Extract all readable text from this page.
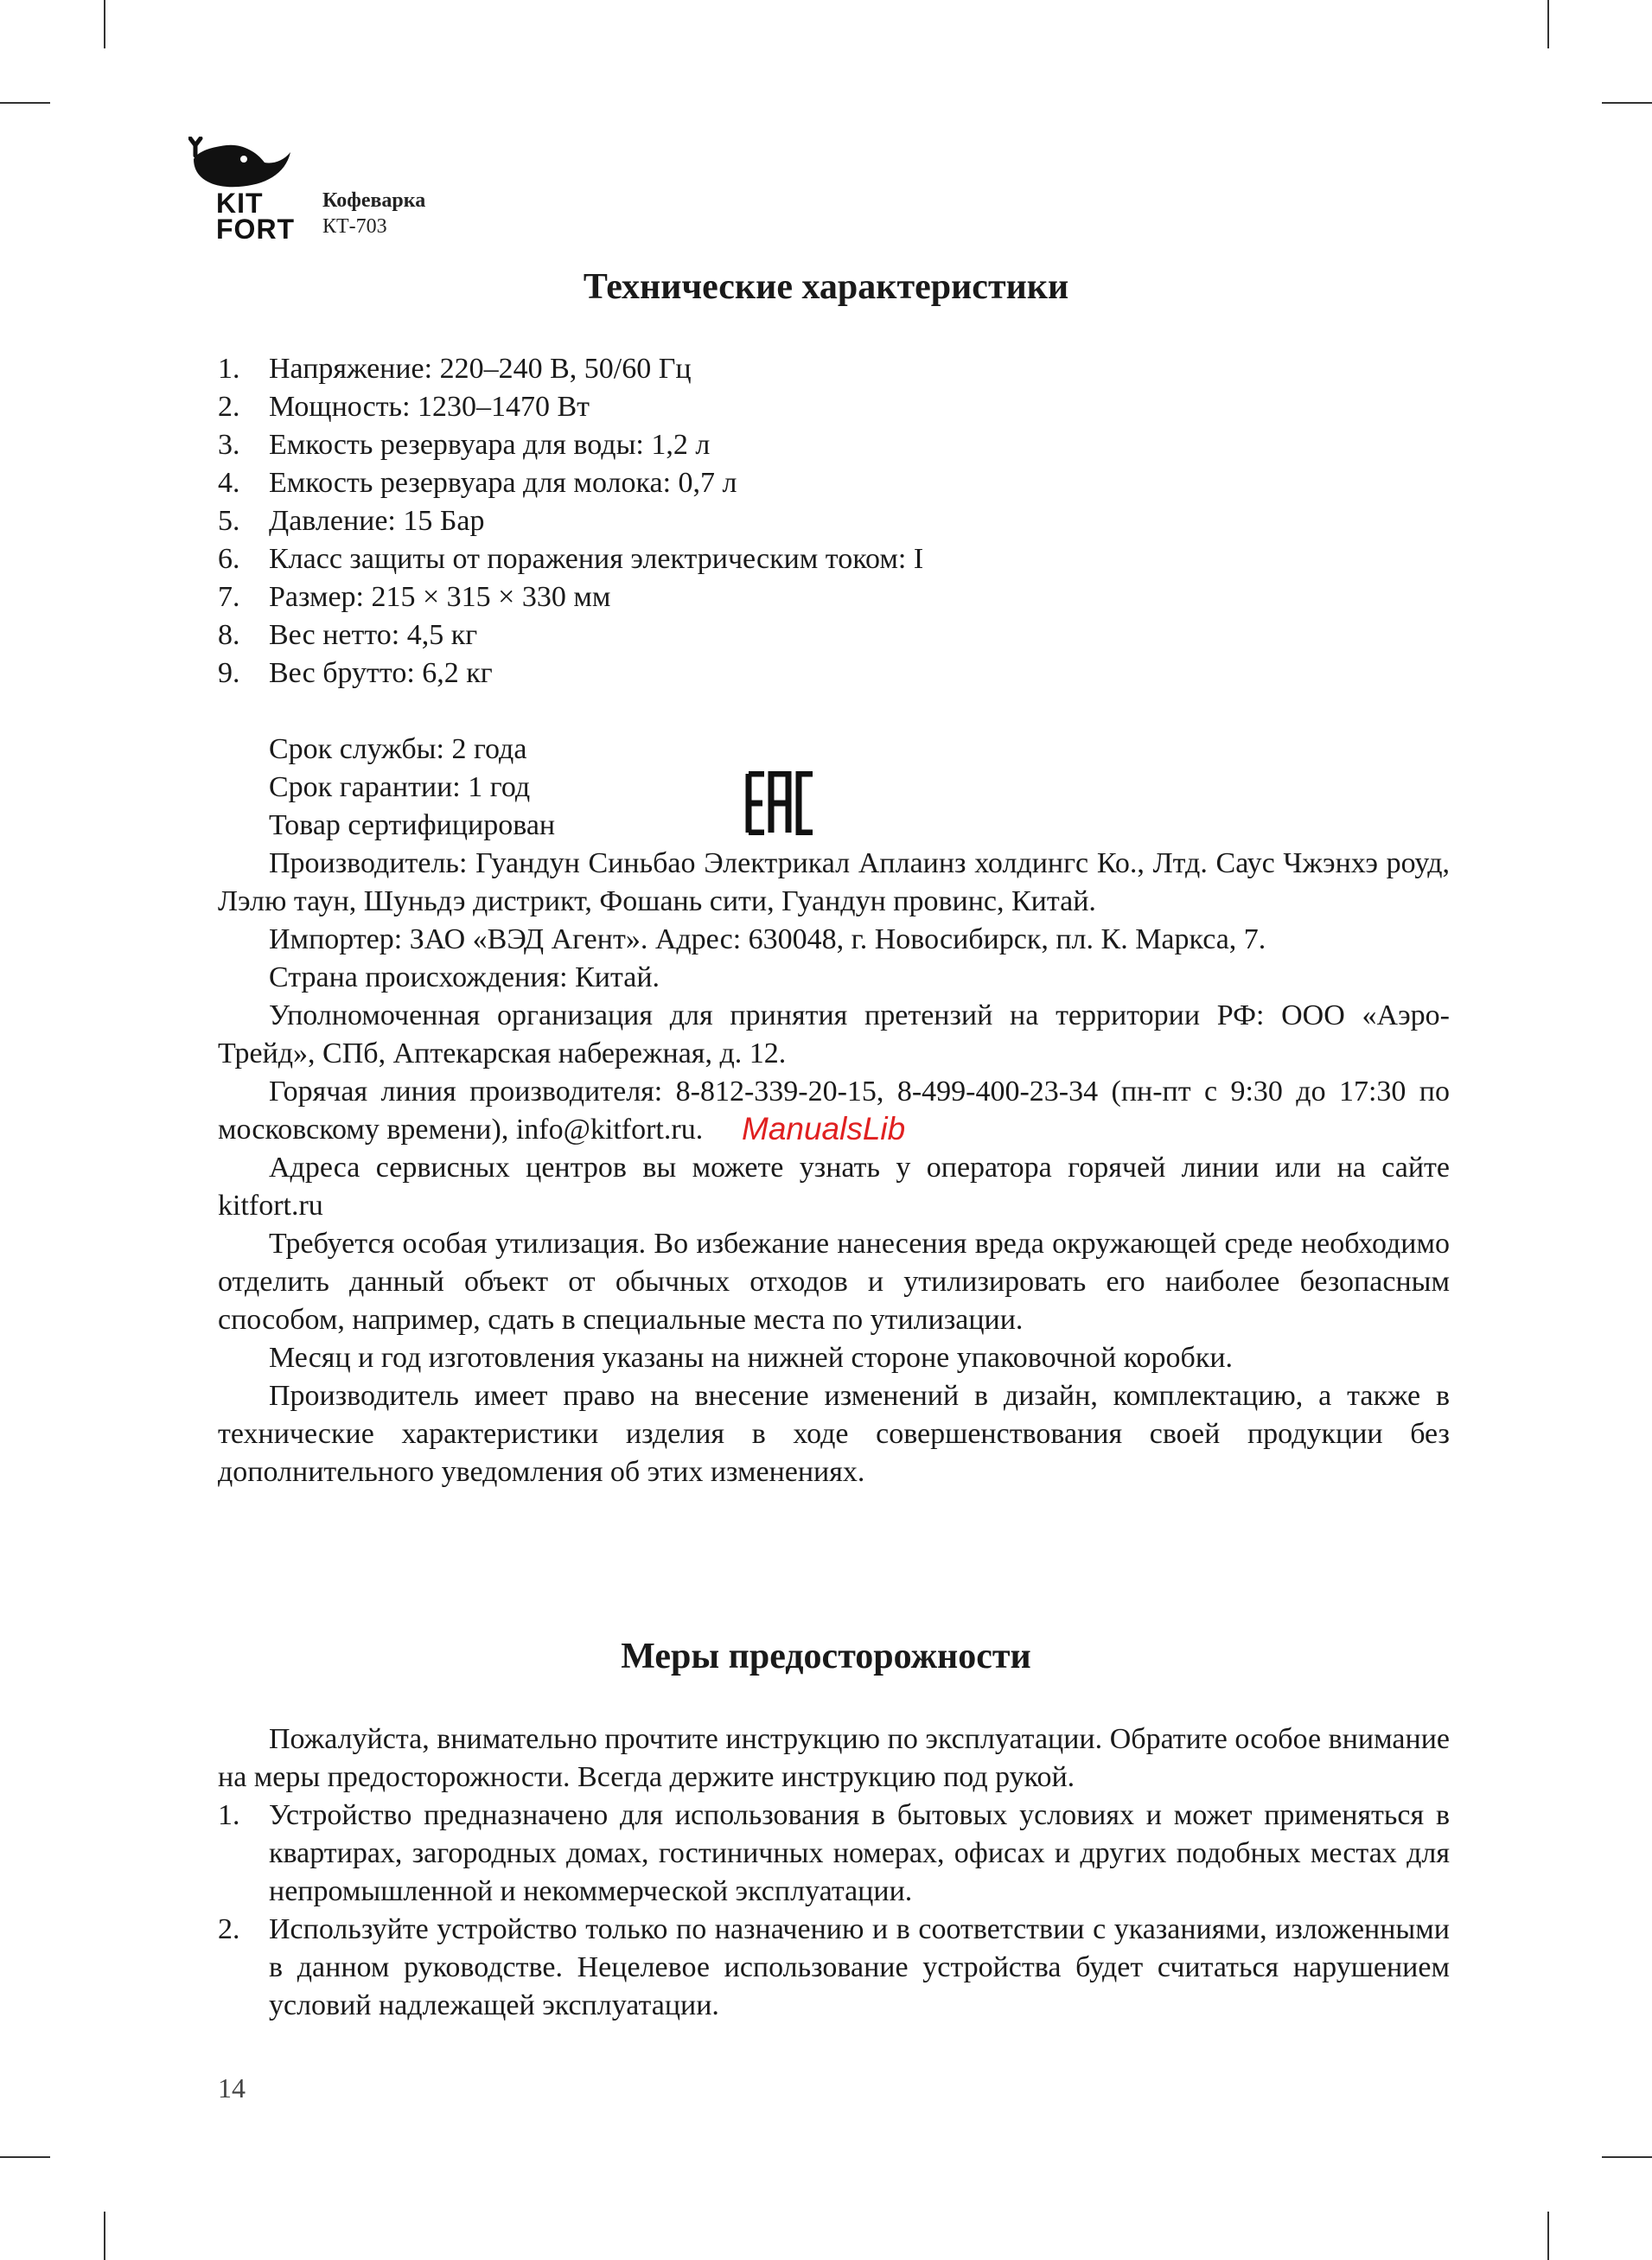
KIT
FORT
Кофеварка
КТ-703
Технические характеристики
1. Напряжение: 220–240 В, 50/60 Гц
2. Мощность: 1230–1470 Вт
3. Емкость резервуара для воды: 1,2 л
4. Емкость резервуара для молока: 0,7 л
5. Давление: 15 Бар
6. Класс защиты от поражения электрическим током: I
7. Размер: 215 × 315 × 330 мм
8. Вес нетто: 4,5 кг
9. Вес брутто: 6,2 кг

Срок службы: 2 года

Срок гарантии: 1 год

Товар сертифицирован

Производитель: Гуандун Синьбао Электрикал Аплаинз холдингс Ко., Лтд. Саус Чжэнхэ роуд, Лэлю таун, Шуньдэ дистрикт, Фошань сити, Гуандун провинс, Китай.

Импортер: ЗАО «ВЭД Агент». Адрес: 630048, г. Новосибирск, пл. К. Маркса, 7.

Страна происхождения: Китай.

Уполномоченная организация для принятия претензий на территории РФ: ООО «Аэро-Трейд», СПб, Аптекарская набережная, д. 12.

Горячая линия производителя: 8-812-339-20-15, 8-499-400-23-34 (пн-пт с 9:30 до 17:30 по московскому времени), info@kitfort.ru.

Адреса сервисных центров вы можете узнать у оператора горячей линии или на сайте kitfort.ru

Требуется особая утилизация. Во избежание нанесения вреда окружающей среде необходимо отделить данный объект от обычных отходов и утилизировать его наиболее безопасным способом, например, сдать в специальные места по утилизации.

Месяц и год изготовления указаны на нижней стороне упаковочной коробки.

Производитель имеет право на внесение изменений в дизайн, комплектацию, а также в технические характеристики изделия в ходе совершенствования своей продукции без дополнительного уведомления об этих изменениях.

ManualsLib
Меры предосторожности

Пожалуйста, внимательно прочтите инструкцию по эксплуатации. Обратите особое внимание на меры предосторожности. Всегда держите инструкцию под рукой.

1. Устройство предназначено для использования в бытовых условиях и может применяться в квартирах, загородных домах, гостиничных номерах, офисах и других подобных местах для непромышленной и некоммерческой эксплуатации.
2. Используйте устройство только по назначению и в соответствии с указаниями, изложенными в данном руководстве. Нецелевое использование устройства будет считаться нарушением условий надлежащей эксплуатации.
14
